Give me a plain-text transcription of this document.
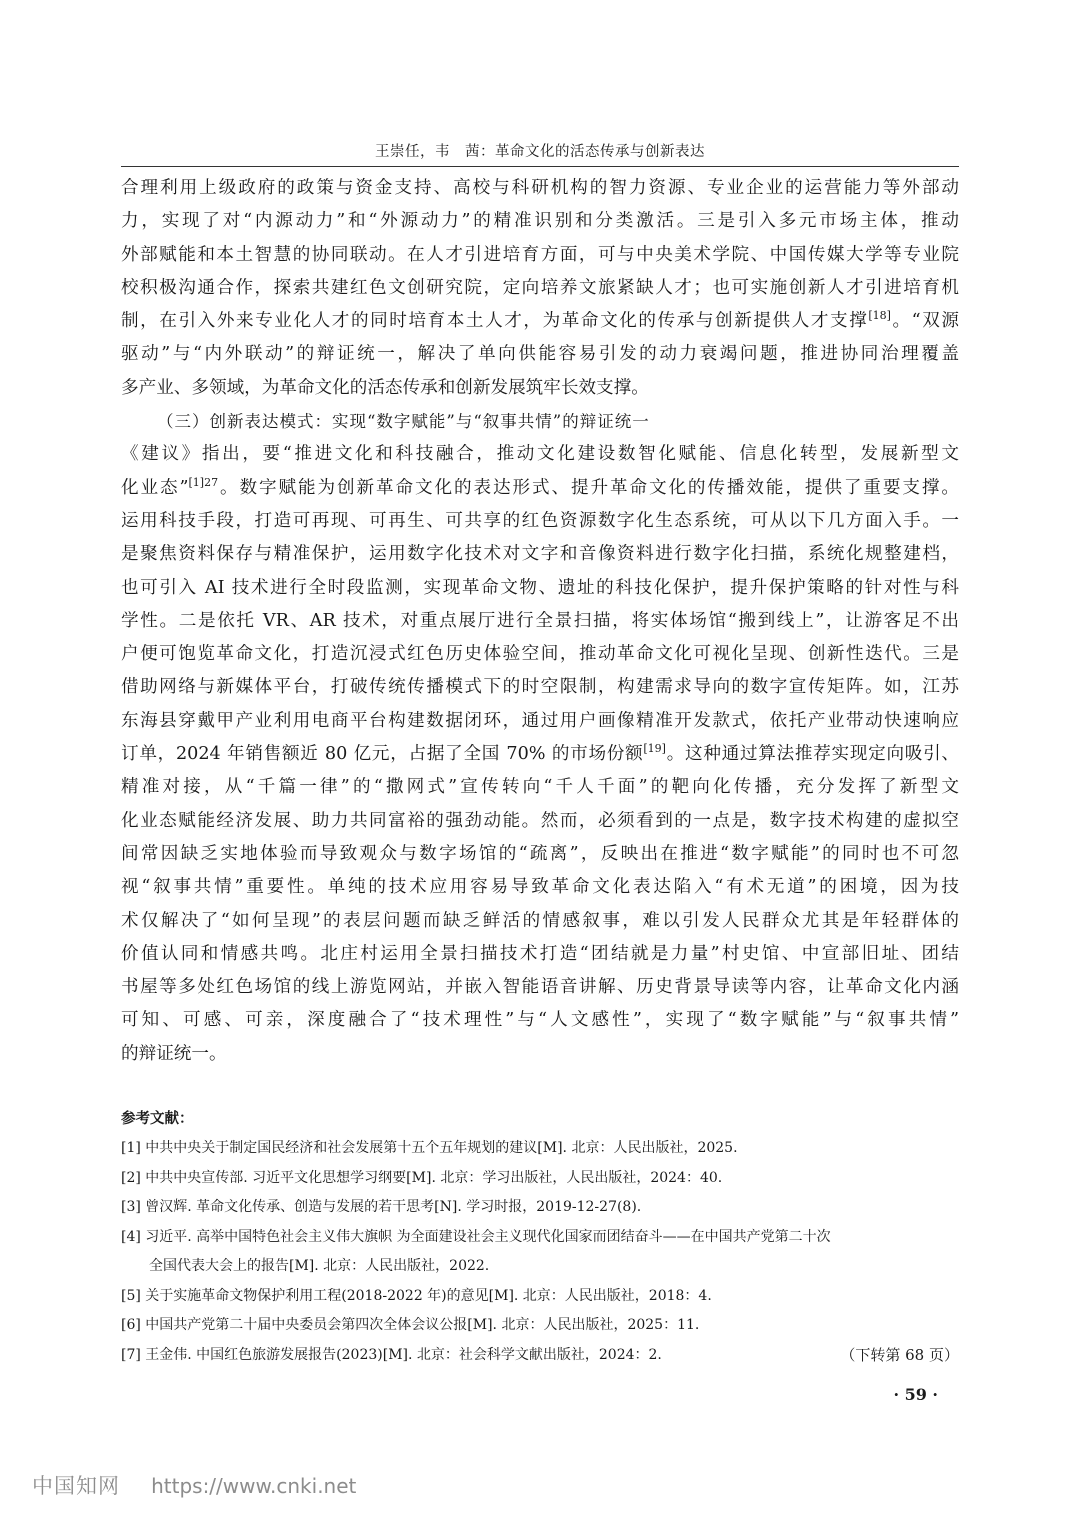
王崇任，韦　茜：革命文化的活态传承与创新表达
合理利用上级政府的政策与资金支持、高校与科研机构的智力资源、专业企业的运营能力等外部动
力，实现了对“内源动力”和“外源动力”的精准识别和分类激活。三是引入多元市场主体，推动
外部赋能和本土智慧的协同联动。在人才引进培育方面，可与中央美术学院、中国传媒大学等专业院
校积极沟通合作，探索共建红色文创研究院，定向培养文旅紧缺人才；也可实施创新人才引进培育机
制，在引入外来专业化人才的同时培育本土人才，为革命文化的传承与创新提供人才支撑[18]。“双源
驱动”与“内外联动”的辩证统一，解决了单向供能容易引发的动力衰竭问题，推进协同治理覆盖
多产业、多领域，为革命文化的活态传承和创新发展筑牢长效支撑。
（三）创新表达模式：实现“数字赋能”与“叙事共情”的辩证统一
《建议》指出，要“推进文化和科技融合，推动文化建设数智化赋能、信息化转型，发展新型文
化业态”$^{[1]27}$。数字赋能为创新革命文化的表达形式、提升革命文化的传播效能，提供了重要支撑。
运用科技手段，打造可再现、可再生、可共享的红色资源数字化生态系统，可从以下几方面入手。一
是聚焦资料保存与精准保护，运用数字化技术对文字和音像资料进行数字化扫描，系统化规整建档，
也可引入 AI 技术进行全时段监测，实现革命文物、遗址的科技化保护，提升保护策略的针对性与科
学性。二是依托 VR、AR 技术，对重点展厅进行全景扫描，将实体场馆“搬到线上”，让游客足不出
户便可饱览革命文化，打造沉浸式红色历史体验空间，推动革命文化可视化呈现、创新性迭代。三是
借助网络与新媒体平台，打破传统传播模式下的时空限制，构建需求导向的数字宣传矩阵。如，江苏
东海县穿戴甲产业利用电商平台构建数据闭环，通过用户画像精准开发款式，依托产业带动快速响应
订单，2024 年销售额近 80 亿元，占据了全国 70% 的市场份额[19]。这种通过算法推荐实现定向吸引、
精准对接，从“千篇一律”的“撒网式”宣传转向“千人千面”的靶向化传播，充分发挥了新型文
化业态赋能经济发展、助力共同富裕的强劲动能。然而，必须看到的一点是，数字技术构建的虚拟空
间常因缺乏实地体验而导致观众与数字场馆的“疏离”，反映出在推进“数字赋能”的同时也不可忽
视“叙事共情”重要性。单纯的技术应用容易导致革命文化表达陷入“有术无道”的困境，因为技
术仅解决了“如何呈现”的表层问题而缺乏鲜活的情感叙事，难以引发人民群众尤其是年轻群体的
价值认同和情感共鸣。北庄村运用全景扫描技术打造“团结就是力量”村史馆、中宣部旧址、团结
书屋等多处红色场馆的线上游览网站，并嵌入智能语音讲解、历史背景导读等内容，让革命文化内涵
可知、可感、可亲，深度融合了“技术理性”与“人文感性”，实现了“数字赋能”与“叙事共情”
的辩证统一。
参考文献：
[1] 中共中央关于制定国民经济和社会发展第十五个五年规划的建议[M]. 北京：人民出版社，2025.
[2] 中共中央宣传部. 习近平文化思想学习纲要[M]. 北京：学习出版社，人民出版社，2024：40.
[3] 曾汉辉. 革命文化传承、创造与发展的若干思考[N]. 学习时报，2019-12-27(8).
[4] 习近平. 高举中国特色社会主义伟大旗帜 为全面建设社会主义现代化国家而团结奋斗——在中国共产党第二十次
全国代表大会上的报告[M]. 北京：人民出版社，2022.
[5] 关于实施革命文物保护利用工程(2018-2022 年)的意见[M]. 北京：人民出版社，2018：4.
[6] 中国共产党第二十届中央委员会第四次全体会议公报[M]. 北京：人民出版社，2025：11.
[7] 王金伟. 中国红色旅游发展报告(2023)[M]. 北京：社会科学文献出版社，2024：2.	（下转第 68 页）
· 59 ·
中国知网 https://www.cnki.net
